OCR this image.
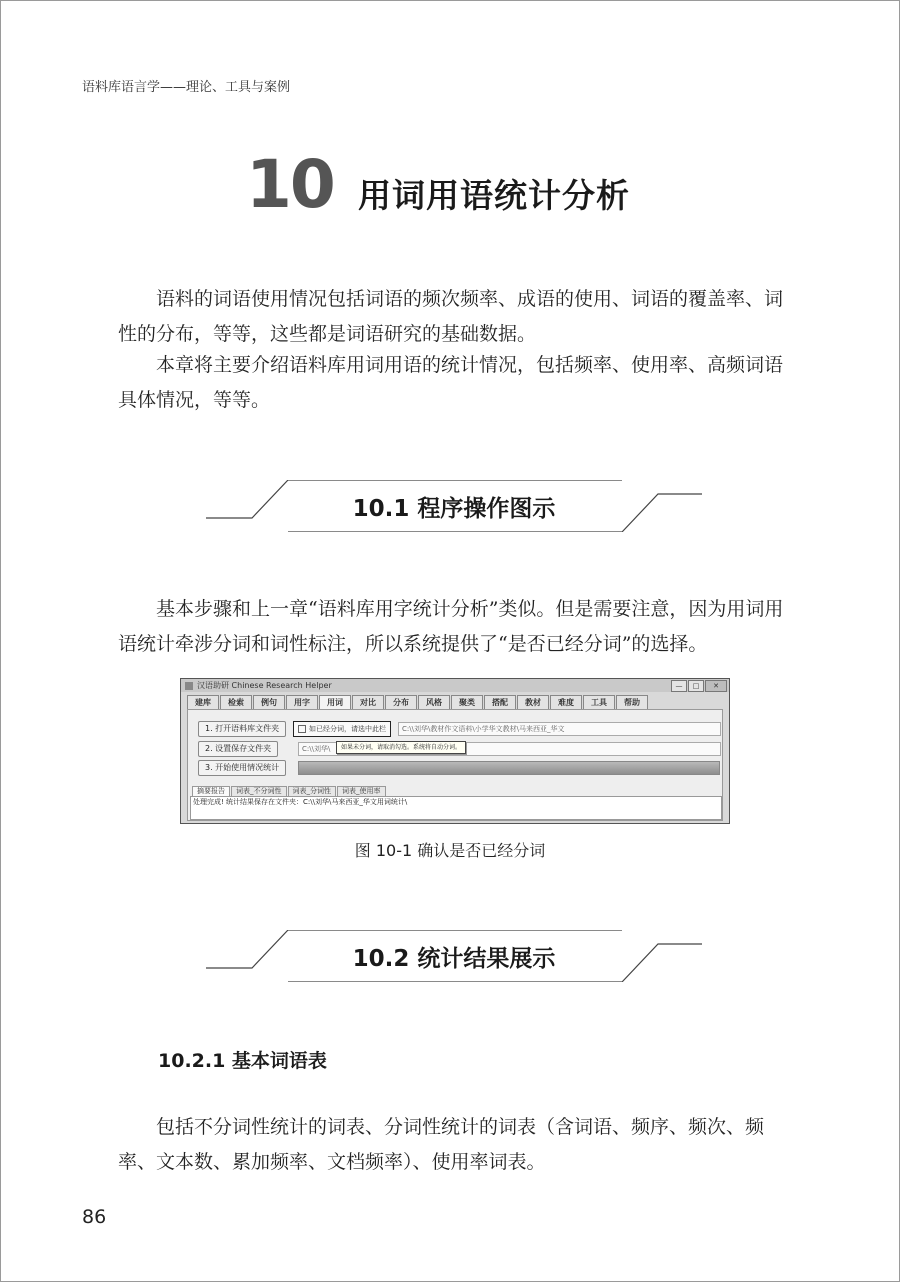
语料库语言学——理论、工具与案例
10 用词用语统计分析

语料的词语使用情况包括词语的频次频率、成语的使用、词语的覆盖率、词性的分布，等等，这些都是词语研究的基础数据。

本章将主要介绍语料库用词用语的统计情况，包括频率、使用率、高频词语具体情况，等等。

10.1 程序操作图示

基本步骤和上一章“语料库用字统计分析”类似。但是需要注意，因为用词用语统计牵涉分词和词性标注，所以系统提供了“是否已经分词”的选择。

汉语助研 Chinese Research Helper	—	□	✕
建库	检索	例句	用字	用词	对比	分布	风格	聚类	搭配	教材	难度	工具	帮助
1. 打开语料库文件夹	如已经分词，请选中此栏	C:\\刘华\教材作文语料\小学华文教材\马来西亚_华文
2. 设置保存文件夹	C:\\刘华\	如果未分词，请取消勾选。系统将自动分词。
3. 开始使用情况统计
摘要报告	词表_不分词性	词表_分词性	词表_使用率
处理完成! 统计结果保存在文件夹：C:\\刘华\马来西亚_华文用词统计\
图 10-1 确认是否已经分词
10.2 统计结果展示
10.2.1 基本词语表

包括不分词性统计的词表、分词性统计的词表（含词语、频序、频次、频率、文本数、累加频率、文档频率）、使用率词表。

86
